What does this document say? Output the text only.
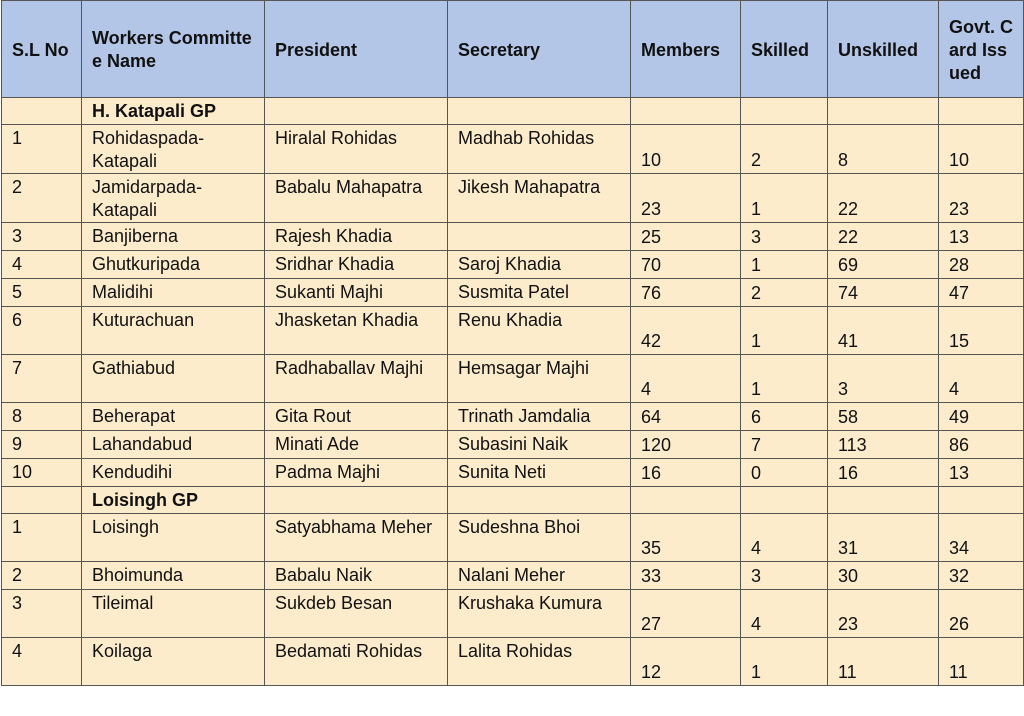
S.L No	Workers Committee Name	President	Secretary	Members	Skilled	Unskilled	Govt. Card Issued
	H. Katapali GP						
1	Rohidaspada-Katapali	Hiralal Rohidas	Madhab Rohidas	10	2	8	10
2	Jamidarpada-Katapali	Babalu Mahapatra	Jikesh Mahapatra	23	1	22	23
3	Banjiberna	Rajesh Khadia		25	3	22	13
4	Ghutkuripada	Sridhar Khadia	Saroj Khadia	70	1	69	28
5	Malidihi	Sukanti Majhi	Susmita Patel	76	2	74	47
6	Kuturachuan	Jhasketan Khadia	Renu Khadia	42	1	41	15
7	Gathiabud	Radhaballav Majhi	Hemsagar Majhi	4	1	3	4
8	Beherapat	Gita Rout	Trinath Jamdalia	64	6	58	49
9	Lahandabud	Minati Ade	Subasini Naik	120	7	113	86
10	Kendudihi	Padma Majhi	Sunita Neti	16	0	16	13
	Loisingh GP						
1	Loisingh	Satyabhama Meher	Sudeshna Bhoi	35	4	31	34
2	Bhoimunda	Babalu Naik	Nalani Meher	33	3	30	32
3	Tileimal	Sukdeb Besan	Krushaka Kumura	27	4	23	26
4	Koilaga	Bedamati Rohidas	Lalita Rohidas	12	1	11	11
